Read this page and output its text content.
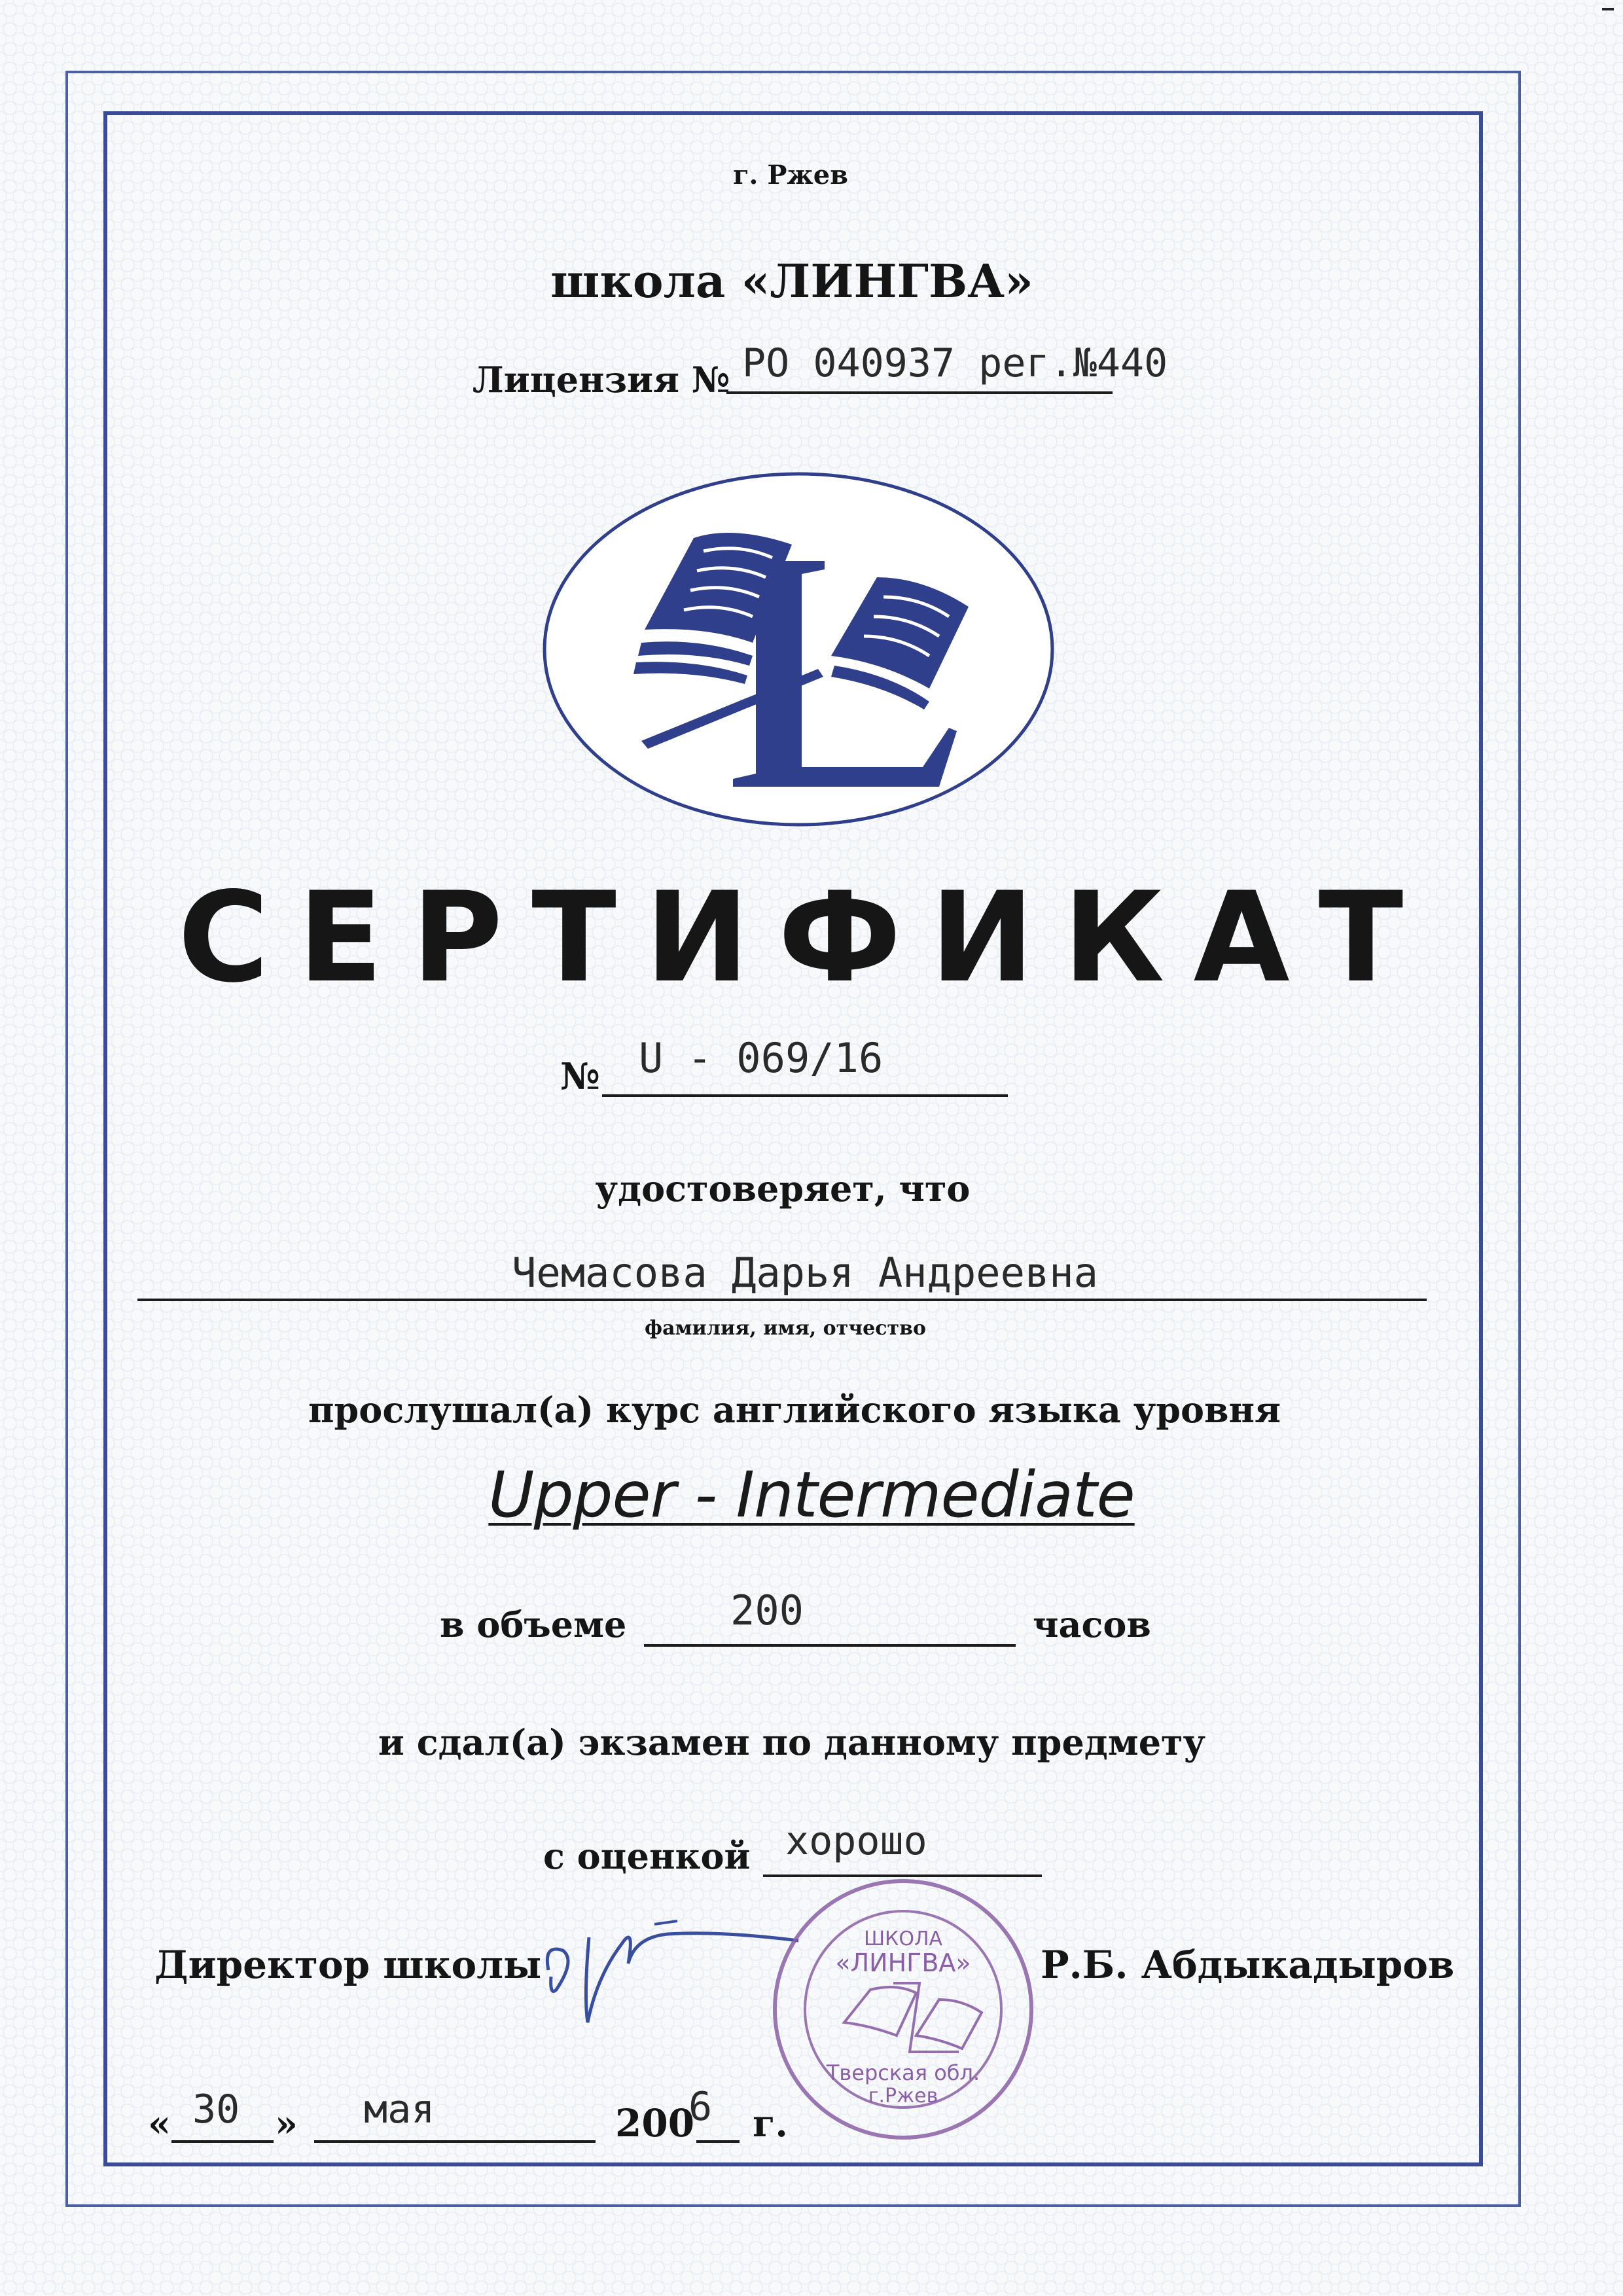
г. Ржев
школа «ЛИНГВА»
Лицензия № РО 040937 рег.№440
СЕРТИФИКАТ
№ U - 069/16
удостоверяет, что
Чемасова Дарья Андреевна
фамилия, имя, отчество
прослушал(а) курс английского языка уровня
Upper - Intermediate
в объеме	200	часов
и сдал(а) экзамен по данному предмету
с оценкой хорошо
Директор школы	Р.Б. Абдыкадыров
ШКОЛА
«ЛИНГВА»
Тверская обл.
г.Ржев
« 30 » мая	200
6 г.
